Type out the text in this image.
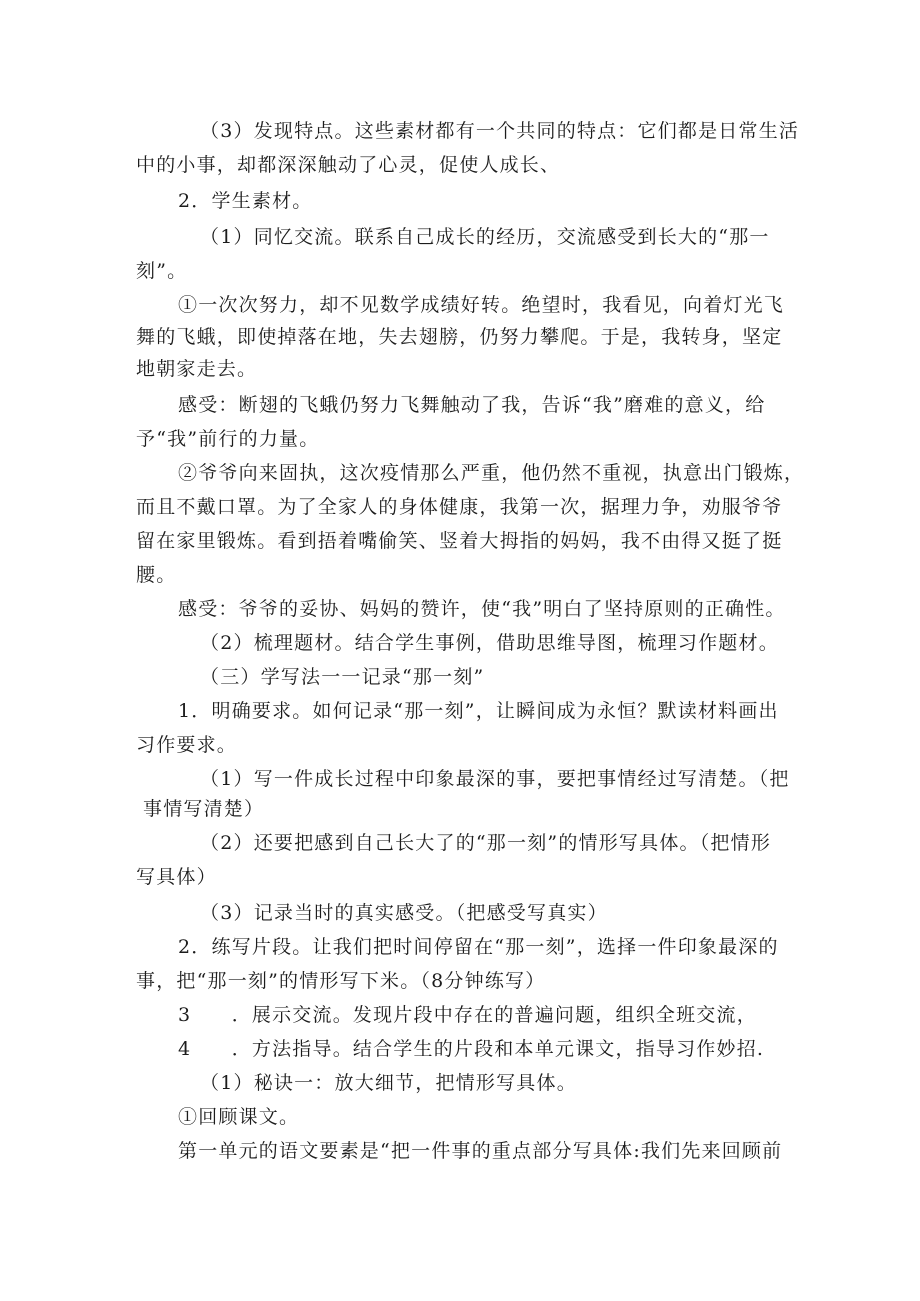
（3）发现特点。这些素材都有一个共同的特点：它们都是日常生活
中的小事，却都深深触动了心灵，促使人成长、
2．学生素材。
（1）同忆交流。联系自己成长的经历，交流感受到长大的“那一
刻”。
①一次次努力，却不见数学成绩好转。绝望时，我看见，向着灯光飞
舞的飞蛾，即使掉落在地，失去翅膀，仍努力攀爬。于是，我转身，坚定
地朝家走去。
感受：断翅的飞蛾仍努力飞舞触动了我，告诉“我”磨难的意义，给
予“我”前行的力量。
②爷爷向来固执，这次疫情那么严重，他仍然不重视，执意出门锻炼，
而且不戴口罩。为了全家人的身体健康，我第一次，据理力争，劝服爷爷
留在家里锻炼。看到捂着嘴偷笑、竖着大拇指的妈妈，我不由得又挺了挺
腰。
感受：爷爷的妥协、妈妈的赞许，使“我”明白了坚持原则的正确性。
（2）梳理题材。结合学生事例，借助思维导图，梳理习作题材。
（三）学写法一一记录“那一刻”
1．明确要求。如何记录“那一刻”，让瞬间成为永恒？默读材料画出
习作要求。
（1）写一件成长过程中印象最深的事，要把事情经过写清楚。（把
事情写清楚）
（2）还要把感到自己长大了的“那一刻”的情形写具体。（把情形
写具体）
（3）记录当时的真实感受。（把感受写真实）
2．练写片段。让我们把时间停留在“那一刻”，选择一件印象最深的
事，把“那一刻”的情形写下米。（8分钟练写）
3　　．展示交流。发现片段中存在的普遍问题，组织全班交流，
4　　．方法指导。结合学生的片段和本单元课文，指导习作妙招.
（1）秘诀一：放大细节，把情形写具体。
①回顾课文。
第一单元的语文要素是“把一件事的重点部分写具体:我们先来回顾前
